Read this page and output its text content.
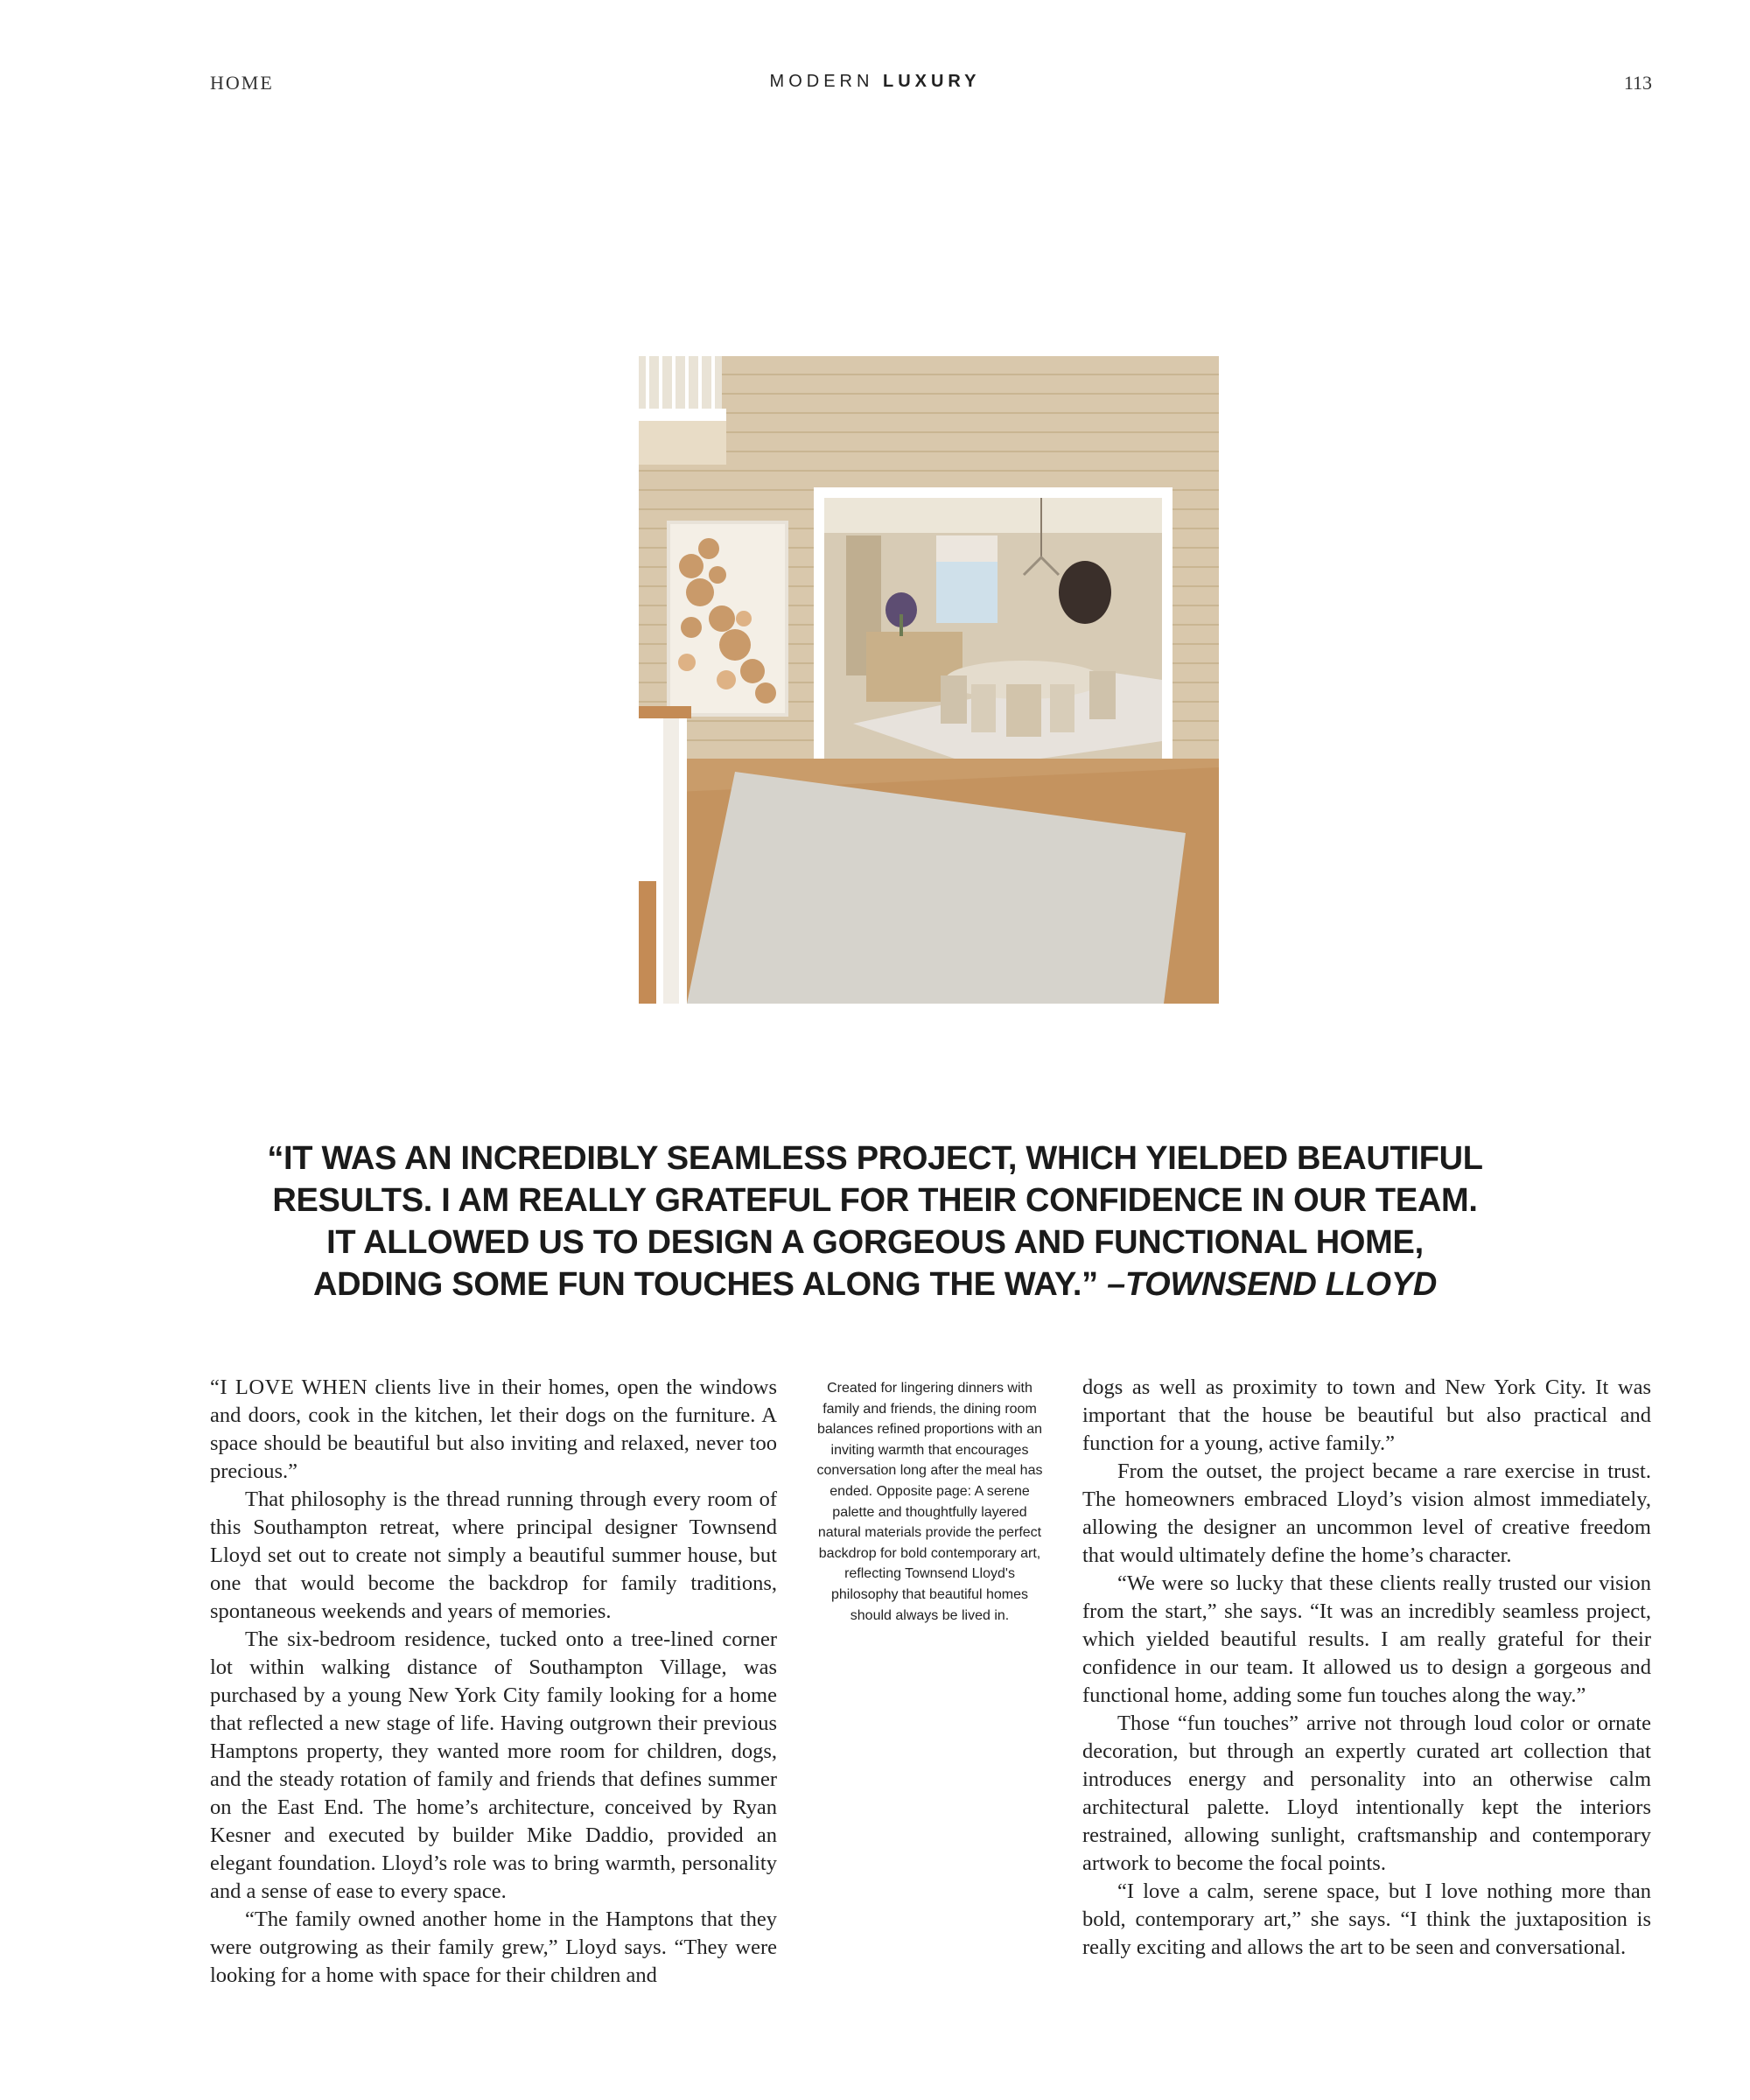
HOME	MODERN LUXURY	113
“IT WAS AN INCREDIBLY SEAMLESS PROJECT, WHICH YIELDED BEAUTIFUL RESULTS. I AM REALLY GRATEFUL FOR THEIR CONFIDENCE IN OUR TEAM. IT ALLOWED US TO DESIGN A GORGEOUS AND FUNCTIONAL HOME, ADDING SOME FUN TOUCHES ALONG THE WAY.” –TOWNSEND LLOYD

“I LOVE WHEN clients live in their homes, open the windows and doors, cook in the kitchen, let their dogs on the furniture. A space should be beautiful but also inviting and relaxed, never too precious.”

That philosophy is the thread running through every room of this Southampton retreat, where principal designer Townsend Lloyd set out to create not simply a beautiful summer house, but one that would become the backdrop for family traditions, spontaneous weekends and years of memories.

The six-bedroom residence, tucked onto a tree-lined corner lot within walking distance of Southampton Village, was purchased by a young New York City family looking for a home that reflected a new stage of life. Having outgrown their previous Hamptons property, they wanted more room for children, dogs, and the steady rotation of family and friends that defines summer on the East End. The home’s architecture, conceived by Ryan Kesner and executed by builder Mike Daddio, provided an elegant foundation. Lloyd’s role was to bring warmth, personality and a sense of ease to every space.

“The family owned another home in the Hamptons that they were outgrowing as their family grew,” Lloyd says. “They were looking for a home with space for their children and

Created for lingering dinners with family and friends, the dining room balances refined proportions with an inviting warmth that encourages conversation long after the meal has ended. Opposite page: A serene palette and thoughtfully layered natural materials provide the perfect backdrop for bold contemporary art, reflecting Townsend Lloyd's philosophy that beautiful homes should always be lived in.

dogs as well as proximity to town and New York City. It was important that the house be beautiful but also practical and function for a young, active family.”

From the outset, the project became a rare exercise in trust. The homeowners embraced Lloyd’s vision almost immediately, allowing the designer an uncommon level of creative freedom that would ultimately define the home’s character.

“We were so lucky that these clients really trusted our vision from the start,” she says. “It was an incredibly seamless project, which yielded beautiful results. I am really grateful for their confidence in our team. It allowed us to design a gorgeous and functional home, adding some fun touches along the way.”

Those “fun touches” arrive not through loud color or ornate decoration, but through an expertly curated art collection that introduces energy and personality into an otherwise calm architectural palette. Lloyd intentionally kept the interiors restrained, allowing sunlight, craftsmanship and contemporary artwork to become the focal points.

“I love a calm, serene space, but I love nothing more than bold, contemporary art,” she says. “I think the juxtaposition is really exciting and allows the art to be seen and conversational.
